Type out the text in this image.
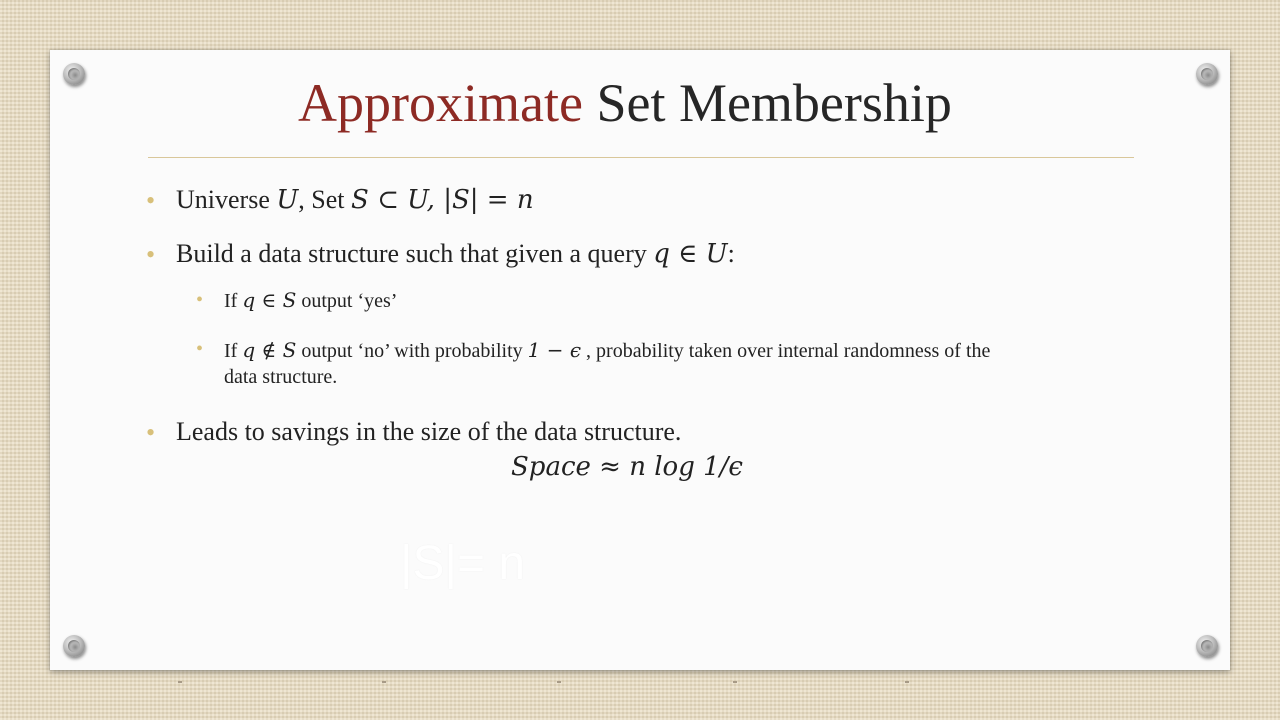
Approximate Set Membership
• Universe U, Set S ⊂ U, |S| = n
• Build a data structure such that given a query q ∈ U:
• If q ∈ S output ‘yes’
• If q ∉ S output ‘no’ with probability 1 − ϵ , probability taken over internal randomness of the data structure.
• Leads to savings in the size of the data structure.
Space ≈ n log 1/ϵ
|S|= n
